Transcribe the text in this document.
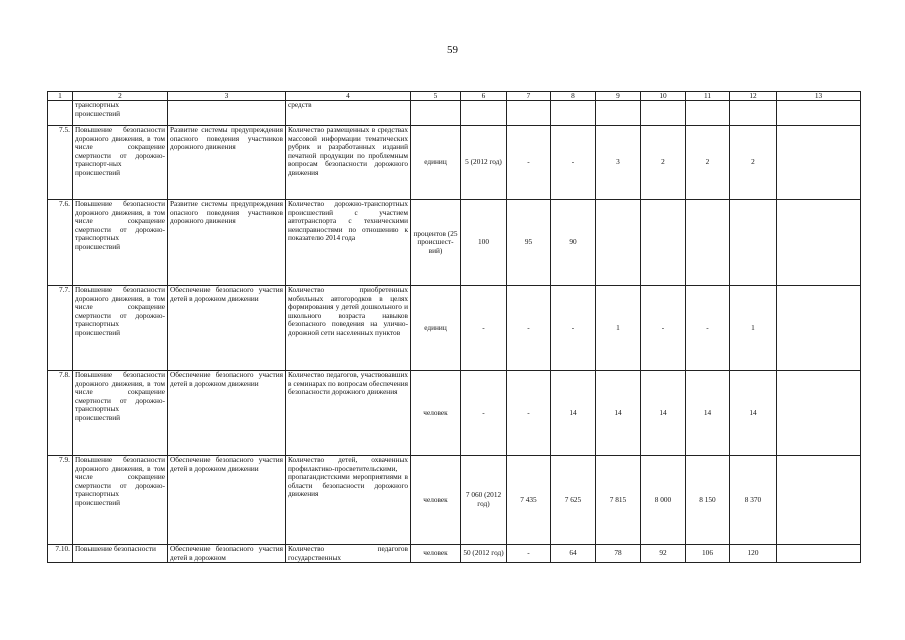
59
1	2	3	4	5	6	7	8	9	10	11	12	13
	транспортных происшествий		средств									
7.5.	Повышение безопасности дорожного движения, в том числе сокращение смертности от дорожно-транспорт-ных происшествий	Развитие системы предупреждения опасного поведения участников дорожного движения	Количество размещенных в средствах массовой информации тематических рубрик и разработанных изданий печатной продукции по проблемным вопросам безопасности дорожного движения	единиц	5 (2012 год)	-	-	3	2	2	2	
7.6.	Повышение безопасности дорожного движения, в том числе сокращение смертности от дорожно-транспортных происшествий	Развитие системы предупреждения опасного поведения участников дорожного движения	Количество дорожно-транспортных происшествий с участием автотранспорта с техническими неисправностями по отношению к показателю 2014 года	процентов (25 происшест-вий)	100	95	90					
7.7.	Повышение безопасности дорожного движения, в том числе сокращение смертности от дорожно-транспортных происшествий	Обеспечение безопасного участия детей в дорожном движении	Количество приобретенных мобильных автогородков в целях формирования у детей дошкольного и школьного возраста навыков безопасного поведения на улично-дорожной сети населенных пунктов	единиц	-	-	-	1	-	-	1	
7.8.	Повышение безопасности дорожного движения, в том числе сокращение смертности от дорожно-транспортных происшествий	Обеспечение безопасного участия детей в дорожном движении	Количество педагогов, участвовавших в семинарах по вопросам обеспечения безопасности дорожного движения	человек	-	-	14	14	14	14	14	
7.9.	Повышение безопасности дорожного движения, в том числе сокращение смертности от дорожно-транспортных происшествий	Обеспечение безопасного участия детей в дорожном движении	Количество детей, охваченных профилактико-просветительскими, пропагандистскими мероприятиями в области безопасности дорожного движения	человек	7 060 (2012 год)	7 435	7 625	7 815	8 000	8 150	8 370	
7.10.	Повышение безопасности	Обеспечение безопасного участия детей в дорожном	Количество педагогов государственных	человек	50 (2012 год)	-	64	78	92	106	120	
